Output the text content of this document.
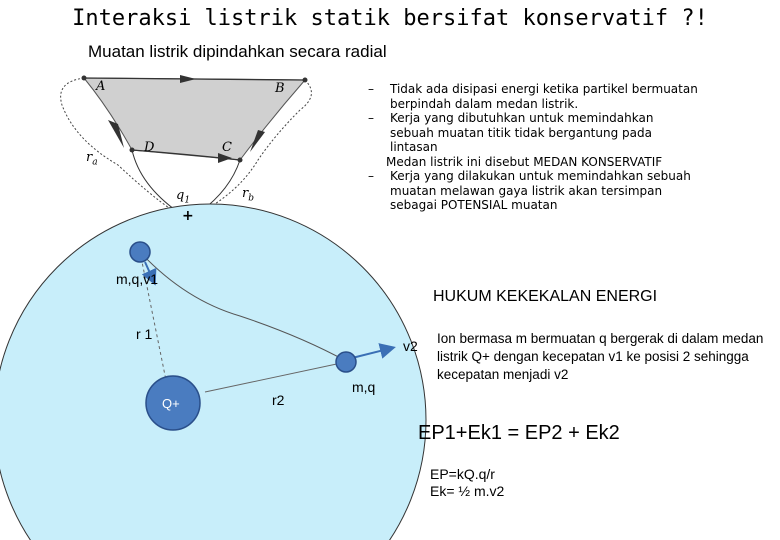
Interaksi listrik statik bersifat konservatif ?!
Muatan listrik dipindahkan secara radial
A	B
C
D
$r_a$
$r_b$
$q_1$
+
– Tidak ada disipasi energi ketika partikel bermuatan berpindah dalam medan listrik.
– Kerja yang dibutuhkan untuk memindahkan sebuah muatan titik tidak bergantung pada lintasan
Medan listrik ini disebut MEDAN KONSERVATIF
– Kerja yang dilakukan untuk memindahkan sebuah muatan melawan gaya listrik akan tersimpan sebagai POTENSIAL muatan
m,q,v1
r 1
v2
Q+	r2
m,q
HUKUM KEKEKALAN ENERGI
Ion bermasa m bermuatan q bergerak di dalam medan listrik Q+ dengan kecepatan v1 ke posisi 2 sehingga kecepatan menjadi v2
EP1+Ek1 = EP2 + Ek2
EP=kQ.q/r
Ek= ½ m.v2
